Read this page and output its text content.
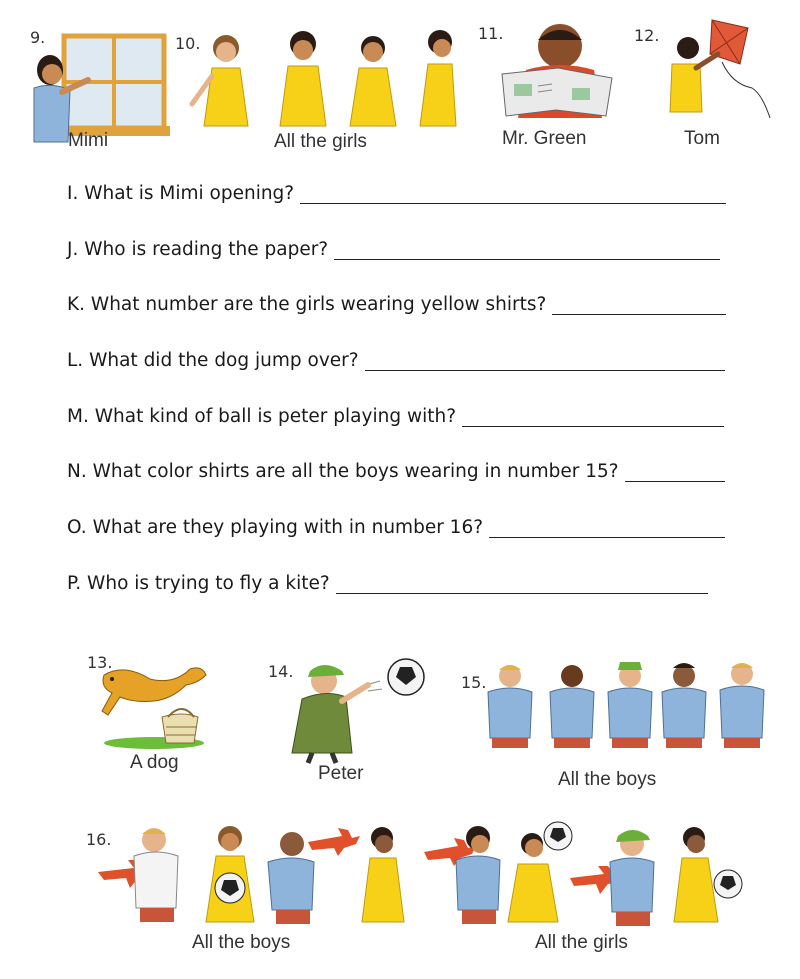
9.	10.
11.	12.
Mimi	All the girls	Mr. Green	Tom
I.
What is Mimi opening?
J.
Who is reading the paper?
K.
What number are the girls wearing yellow shirts?
L.
What did the dog jump over?
M.
What kind of ball is peter playing with?
N.
What color shirts are all the boys wearing in number 15?
O.
What are they playing with in number 16?
P.
Who is trying to fly a kite?
13.	14.
15.
A dog
Peter	All the boys
16.
All the boys	All the girls
